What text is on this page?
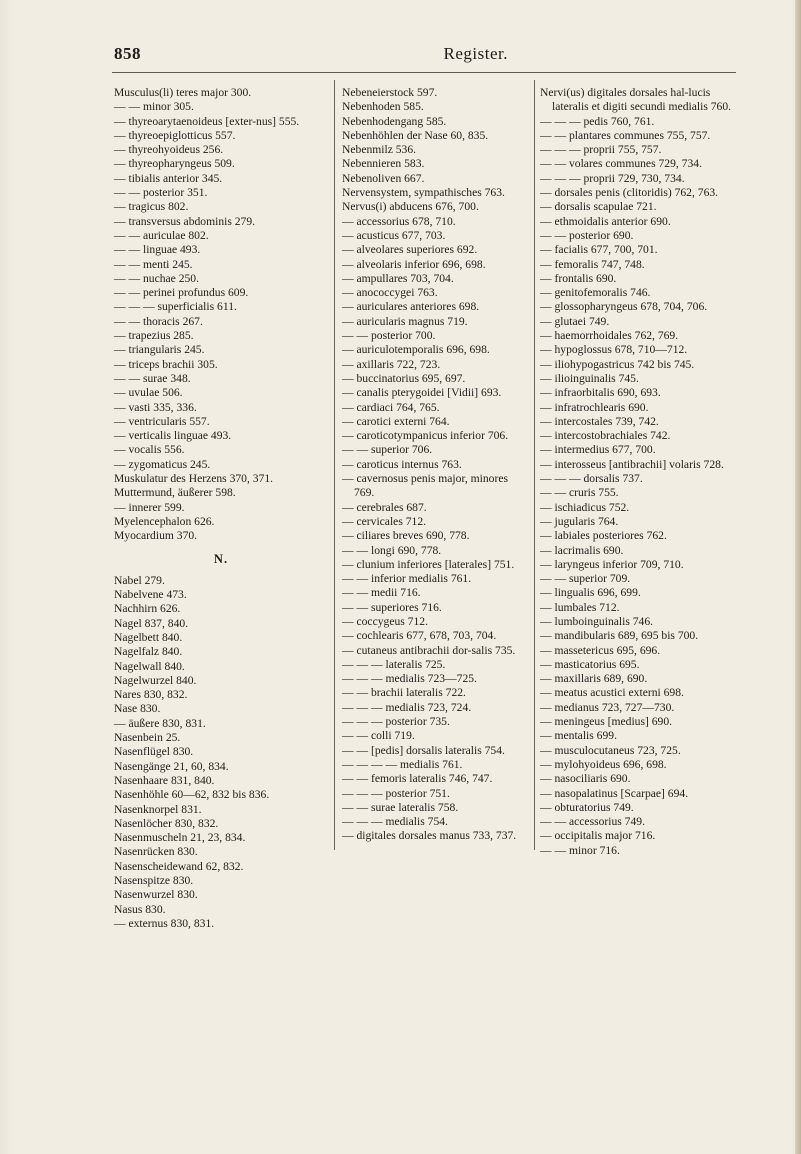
858	Register.

Musculus(li) teres major 300.

— — minor 305.

— thyreoarytaenoideus [exter-nus] 555.

— thyreoepiglotticus 557.

— thyreohyoideus 256.

— thyreopharyngeus 509.

— tibialis anterior 345.

— — posterior 351.

— tragicus 802.

— transversus abdominis 279.

— — auriculae 802.

— — linguae 493.

— — menti 245.

— — nuchae 250.

— — perinei profundus 609.

— — — superficialis 611.

— — thoracis 267.

— trapezius 285.

— triangularis 245.

— triceps brachii 305.

— — surae 348.

— uvulae 506.

— vasti 335, 336.

— ventricularis 557.

— verticalis linguae 493.

— vocalis 556.

— zygomaticus 245.

Muskulatur des Herzens 370, 371.

Muttermund, äußerer 598.

— innerer 599.

Myelencephalon 626.

Myocardium 370.

N.

Nabel 279.

Nabelvene 473.

Nachhirn 626.

Nagel 837, 840.

Nagelbett 840.

Nagelfalz 840.

Nagelwall 840.

Nagelwurzel 840.

Nares 830, 832.

Nase 830.

— äußere 830, 831.

Nasenbein 25.

Nasenflügel 830.

Nasengänge 21, 60, 834.

Nasenhaare 831, 840.

Nasenhöhle 60—62, 832 bis 836.

Nasenknorpel 831.

Nasenlöcher 830, 832.

Nasenmuscheln 21, 23, 834.

Nasenrücken 830.

Nasenscheidewand 62, 832.

Nasenspitze 830.

Nasenwurzel 830.

Nasus 830.

— externus 830, 831.

Nebeneierstock 597.

Nebenhoden 585.

Nebenhodengang 585.

Nebenhöhlen der Nase 60, 835.

Nebenmilz 536.

Nebennieren 583.

Nebenoliven 667.

Nervensystem, sympathisches 763.

Nervus(i) abducens 676, 700.

— accessorius 678, 710.

— acusticus 677, 703.

— alveolares superiores 692.

— alveolaris inferior 696, 698.

— ampullares 703, 704.

— anococcygei 763.

— auriculares anteriores 698.

— auricularis magnus 719.

— — posterior 700.

— auriculotemporalis 696, 698.

— axillaris 722, 723.

— buccinatorius 695, 697.

— canalis pterygoidei [Vidii] 693.

— cardiaci 764, 765.

— carotici externi 764.

— caroticotympanicus inferior 706.

— — superior 706.

— caroticus internus 763.

— cavernosus penis major, minores 769.

— cerebrales 687.

— cervicales 712.

— ciliares breves 690, 778.

— — longi 690, 778.

— clunium inferiores [laterales] 751.

— — inferior medialis 761.

— — medii 716.

— — superiores 716.

— coccygeus 712.

— cochlearis 677, 678, 703, 704.

— cutaneus antibrachii dor-salis 735.

— — — lateralis 725.

— — — medialis 723—725.

— — brachii lateralis 722.

— — — medialis 723, 724.

— — — posterior 735.

— — colli 719.

— — [pedis] dorsalis lateralis 754.

— — — — medialis 761.

— — femoris lateralis 746, 747.

— — — posterior 751.

— — surae lateralis 758.

— — — medialis 754.

— digitales dorsales manus 733, 737.

Nervi(us) digitales dorsales hal-lucis lateralis et digiti secundi medialis 760.

— — — pedis 760, 761.

— — plantares communes 755, 757.

— — — proprii 755, 757.

— — volares communes 729, 734.

— — — proprii 729, 730, 734.

— dorsales penis (clitoridis) 762, 763.

— dorsalis scapulae 721.

— ethmoidalis anterior 690.

— — posterior 690.

— facialis 677, 700, 701.

— femoralis 747, 748.

— frontalis 690.

— genitofemoralis 746.

— glossopharyngeus 678, 704, 706.

— glutaei 749.

— haemorrhoidales 762, 769.

— hypoglossus 678, 710—712.

— iliohypogastricus 742 bis 745.

— ilioinguinalis 745.

— infraorbitalis 690, 693.

— infratrochlearis 690.

— intercostales 739, 742.

— intercostobrachiales 742.

— intermedius 677, 700.

— interosseus [antibrachii] volaris 728.

— — — dorsalis 737.

— — cruris 755.

— ischiadicus 752.

— jugularis 764.

— labiales posteriores 762.

— lacrimalis 690.

— laryngeus inferior 709, 710.

— — superior 709.

— lingualis 696, 699.

— lumbales 712.

— lumboinguinalis 746.

— mandibularis 689, 695 bis 700.

— massetericus 695, 696.

— masticatorius 695.

— maxillaris 689, 690.

— meatus acustici externi 698.

— medianus 723, 727—730.

— meningeus [medius] 690.

— mentalis 699.

— musculocutaneus 723, 725.

— mylohyoideus 696, 698.

— nasociliaris 690.

— nasopalatinus [Scarpae] 694.

— obturatorius 749.

— — accessorius 749.

— occipitalis major 716.

— — minor 716.
